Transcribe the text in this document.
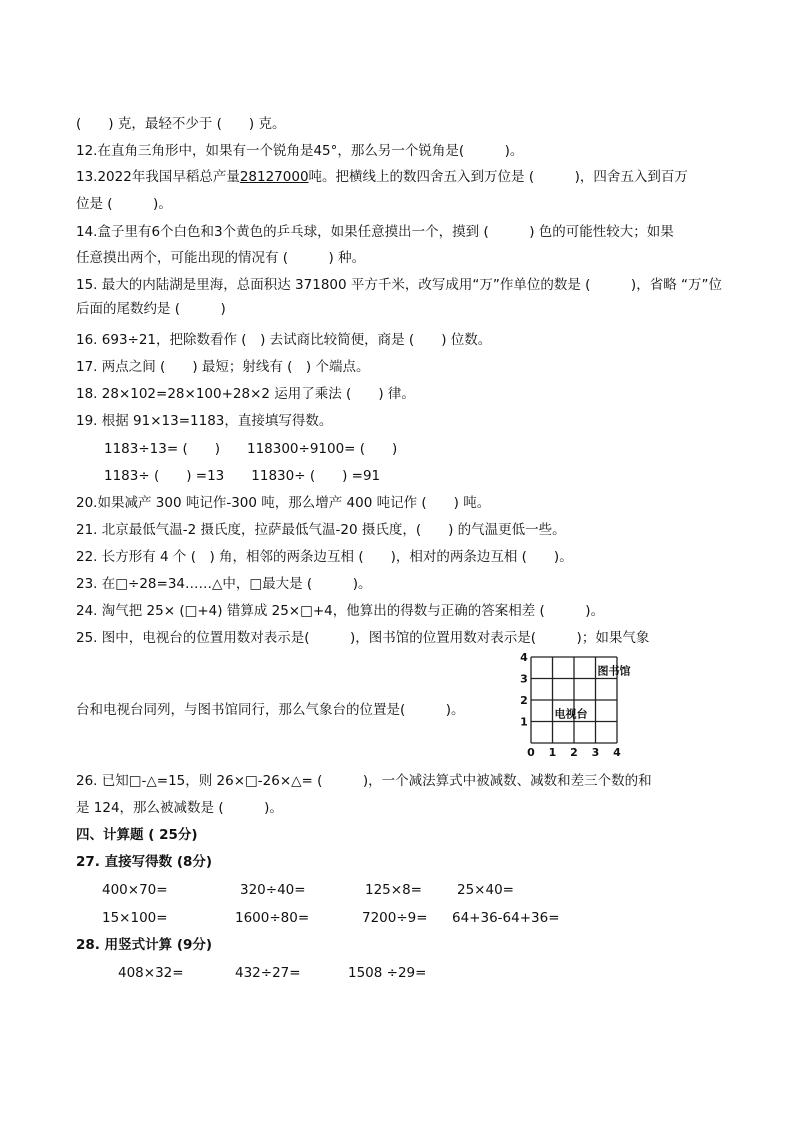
(　　) 克，最轻不少于 (　　) 克。
12.在直角三角形中，如果有一个锐角是45°，那么另一个锐角是(　　　)。
13.2022年我国早稻总产量28127000吨。把横线上的数四舍五入到万位是 (　　　)，四舍五入到百万
位是 (　　　)。
14.盒子里有6个白色和3个黄色的乒乓球，如果任意摸出一个，摸到 (　　　) 色的可能性较大；如果
任意摸出两个，可能出现的情况有 (　　　) 种。
15. 最大的内陆湖是里海，总面积达 371800 平方千米，改写成用“万”作单位的数是 (　　　)，省略 “万”位
后面的尾数约是 (　　　)
16. 693÷21，把除数看作 (　) 去试商比较简便，商是 (　　) 位数。
17. 两点之间 (　　) 最短；射线有 (　) 个端点。
18. 28×102=28×100+28×2 运用了乘法 (　　) 律。
19. 根据 91×13=1183，直接填写得数。
1183÷13= (　　)　　118300÷9100= (　　)
1183÷ (　　) =13　　11830÷ (　　) =91
20.如果减产 300 吨记作-300 吨，那么增产 400 吨记作 (　　) 吨。
21. 北京最低气温-2 摄氏度，拉萨最低气温-20 摄氏度，(　　) 的气温更低一些。
22. 长方形有 4 个 (　) 角，相邻的两条边互相 (　　)，相对的两条边互相 (　　)。
23. 在□÷28=34……△中，□最大是 (　　　)。
24. 淘气把 25× (□+4) 错算成 25×□+4，他算出的得数与正确的答案相差 (　　　)。
25. 图中，电视台的位置用数对表示是(　　　)，图书馆的位置用数对表示是(　　　)；如果气象
台和电视台同列，与图书馆同行，那么气象台的位置是(　　　)。
0 1 2 3 4
1
2
3
4
电视台
图书馆
26. 已知□-△=15，则 26×□-26×△= (　　　)，一个减法算式中被减数、减数和差三个数的和
是 124，那么被减数是 (　　　)。
四、计算题 ( 25分)
27. 直接写得数 (8分)
400×70=	320÷40=	125×8=	25×40=
15×100=	1600÷80=	7200÷9= 64+36-64+36=
28. 用竖式计算 (9分)
408×32=	432÷27=	1508 ÷29=
